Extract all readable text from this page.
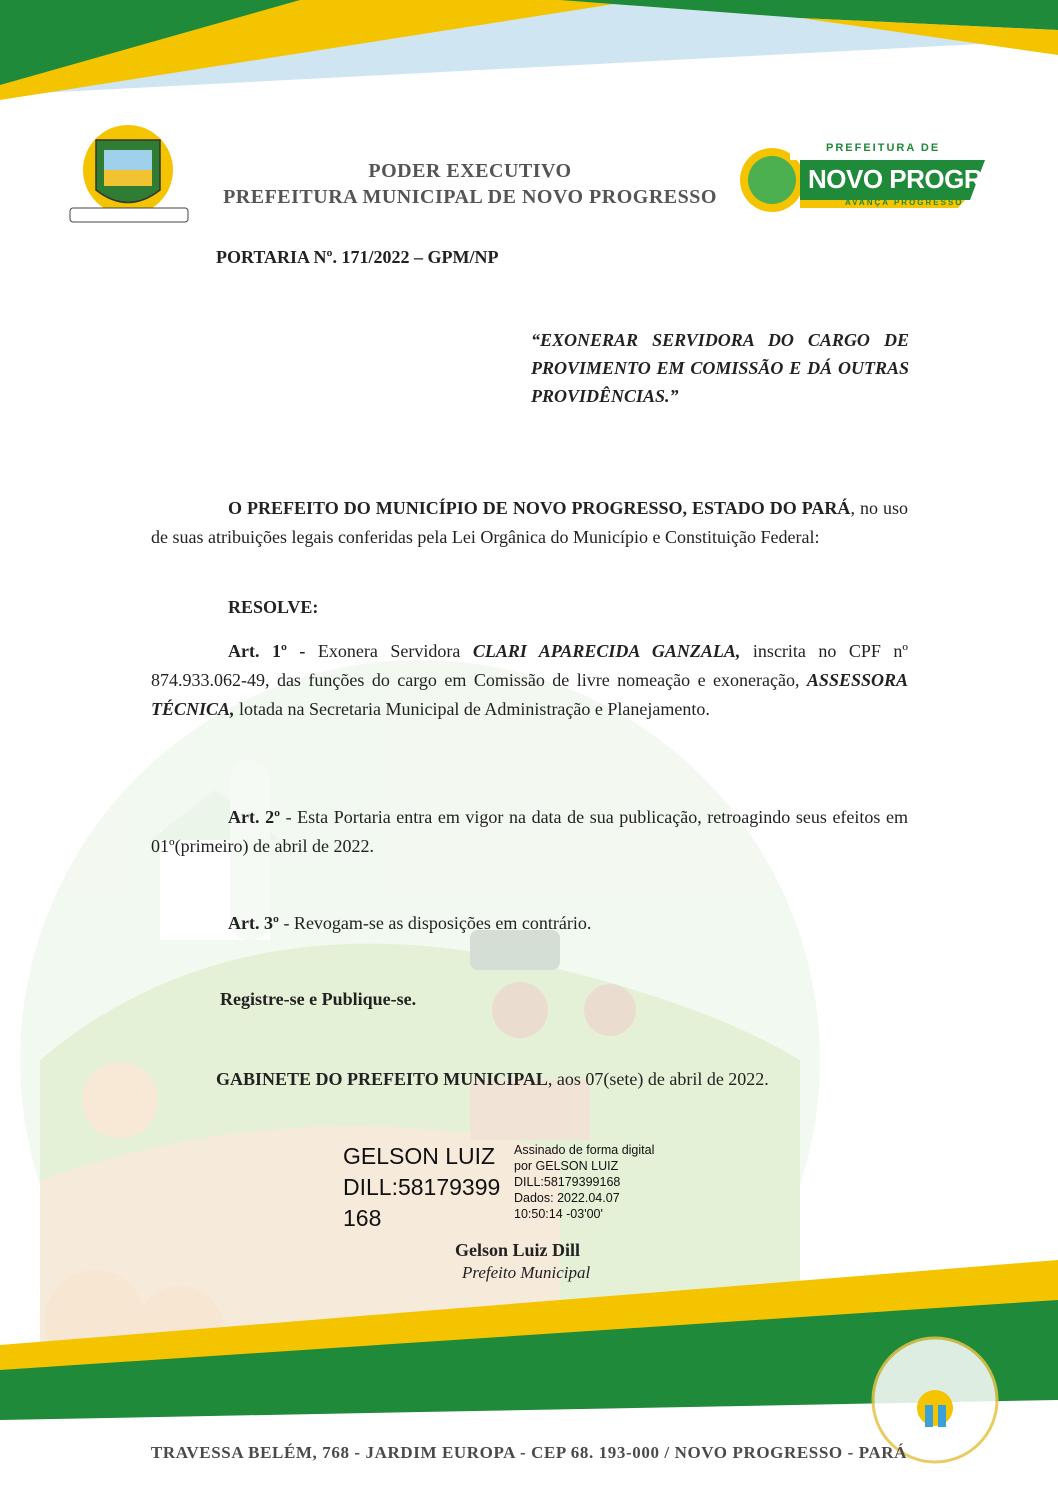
PREFEITURA DE
NOVO PROGRESSO
AVANÇA PROGRESSO
PODER EXECUTIVO
PREFEITURA MUNICIPAL DE NOVO PROGRESSO
PORTARIA Nº. 171/2022 – GPM/NP
“EXONERAR SERVIDORA DO CARGO DE PROVIMENTO EM COMISSÃO E DÁ OUTRAS PROVIDÊNCIAS.”
O PREFEITO DO MUNICÍPIO DE NOVO PROGRESSO, ESTADO DO PARÁ, no uso de suas atribuições legais conferidas pela Lei Orgânica do Município e Constituição Federal:
RESOLVE:
Art. 1º - Exonera Servidora CLARI APARECIDA GANZALA, inscrita no CPF nº 874.933.062-49, das funções do cargo em Comissão de livre nomeação e exoneração, ASSESSORA TÉCNICA, lotada na Secretaria Municipal de Administração e Planejamento.
Art. 2º - Esta Portaria entra em vigor na data de sua publicação, retroagindo seus efeitos em 01º(primeiro) de abril de 2022.
Art. 3º - Revogam-se as disposições em contrário.
Registre-se e Publique-se.
GABINETE DO PREFEITO MUNICIPAL, aos 07(sete) de abril de 2022.
GELSON LUIZ
DILL:58179399
168
Assinado de forma digital
por GELSON LUIZ
DILL:58179399168
Dados: 2022.04.07
10:50:14 -03'00'
Gelson Luiz Dill
Prefeito Municipal
TRAVESSA BELÉM, 768 - JARDIM EUROPA - CEP 68. 193-000 / NOVO PROGRESSO - PARÁ
